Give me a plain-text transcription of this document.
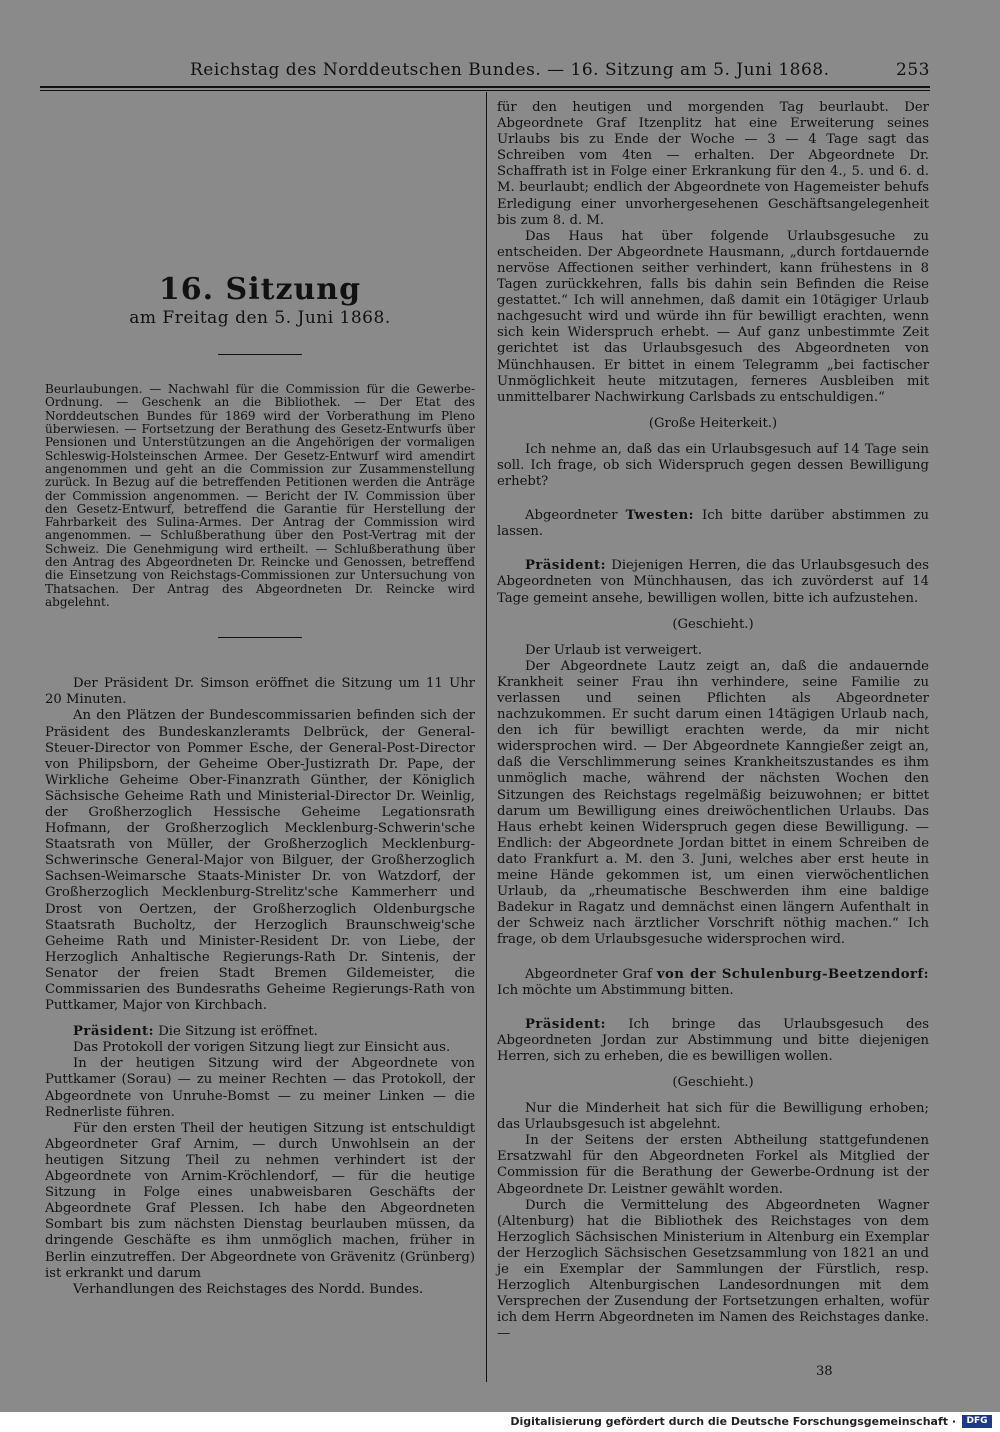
Reichstag des Norddeutschen Bundes. — 16. Sitzung am 5. Juni 1868.	253
16. Sitzung
am Freitag den 5. Juni 1868.

Beurlaubungen. — Nachwahl für die Commission für die Gewerbe-Ordnung. — Geschenk an die Bibliothek. — Der Etat des Norddeutschen Bundes für 1869 wird der Vorberathung im Pleno überwiesen. — Fortsetzung der Berathung des Gesetz-Entwurfs über Pensionen und Unterstützungen an die Angehörigen der vormaligen Schleswig-Holsteinschen Armee. Der Gesetz-Entwurf wird amendirt angenommen und geht an die Commission zur Zusammenstellung zurück. In Bezug auf die betreffenden Petitionen werden die Anträge der Commission angenommen. — Bericht der IV. Commission über den Gesetz-Entwurf, betreffend die Garantie für Herstellung der Fahrbarkeit des Sulina-Armes. Der Antrag der Commission wird angenommen. — Schlußberathung über den Post-Vertrag mit der Schweiz. Die Genehmigung wird ertheilt. — Schlußberathung über den Antrag des Abgeordneten Dr. Reincke und Genossen, betreffend die Einsetzung von Reichstags-Commissionen zur Untersuchung von Thatsachen. Der Antrag des Abgeordneten Dr. Reincke wird abgelehnt.

Der Präsident Dr. Simson eröffnet die Sitzung um 11 Uhr 20 Minuten.

An den Plätzen der Bundescommissarien befinden sich der Präsident des Bundeskanzleramts Delbrück, der General-Steuer-Director von Pommer Esche, der General-Post-Director von Philipsborn, der Geheime Ober-Justizrath Dr. Pape, der Wirkliche Geheime Ober-Finanzrath Günther, der Königlich Sächsische Geheime Rath und Ministerial-Director Dr. Weinlig, der Großherzoglich Hessische Geheime Legationsrath Hofmann, der Großherzoglich Mecklenburg-Schwerin'sche Staatsrath von Müller, der Großherzoglich Mecklenburg-Schwerinsche General-Major von Bilguer, der Großherzoglich Sachsen-Weimarsche Staats-Minister Dr. von Watzdorf, der Großherzoglich Mecklenburg-Strelitz'sche Kammerherr und Drost von Oertzen, der Großherzoglich Oldenburgsche Staatsrath Bucholtz, der Herzoglich Braunschweig'sche Geheime Rath und Minister-Resident Dr. von Liebe, der Herzoglich Anhaltische Regierungs-Rath Dr. Sintenis, der Senator der freien Stadt Bremen Gildemeister, die Commissarien des Bundesraths Geheime Regierungs-Rath von Puttkamer, Major von Kirchbach.

Präsident: Die Sitzung ist eröffnet.

Das Protokoll der vorigen Sitzung liegt zur Einsicht aus.

In der heutigen Sitzung wird der Abgeordnete von Puttkamer (Sorau) — zu meiner Rechten — das Protokoll, der Abgeordnete von Unruhe-Bomst — zu meiner Linken — die Rednerliste führen.

Für den ersten Theil der heutigen Sitzung ist entschuldigt Abgeordneter Graf Arnim, — durch Unwohlsein an der heutigen Sitzung Theil zu nehmen verhindert ist der Abgeordnete von Arnim-Kröchlendorf, — für die heutige Sitzung in Folge eines unabweisbaren Geschäfts der Abgeordnete Graf Plessen. Ich habe den Abgeordneten Sombart bis zum nächsten Dienstag beurlauben müssen, da dringende Geschäfte es ihm unmöglich machen, früher in Berlin einzutreffen. Der Abgeordnete von Grävenitz (Grünberg) ist erkrankt und darum

Verhandlungen des Reichstages des Nordd. Bundes.

für den heutigen und morgenden Tag beurlaubt. Der Abgeordnete Graf Itzenplitz hat eine Erweiterung seines Urlaubs bis zu Ende der Woche — 3 — 4 Tage sagt das Schreiben vom 4ten — erhalten. Der Abgeordnete Dr. Schaffrath ist in Folge einer Erkrankung für den 4., 5. und 6. d. M. beurlaubt; endlich der Abgeordnete von Hagemeister behufs Erledigung einer unvorhergesehenen Geschäftsangelegenheit bis zum 8. d. M.

Das Haus hat über folgende Urlaubsgesuche zu entscheiden. Der Abgeordnete Hausmann, „durch fortdauernde nervöse Affectionen seither verhindert, kann frühestens in 8 Tagen zurückkehren, falls bis dahin sein Befinden die Reise gestattet.“ Ich will annehmen, daß damit ein 10tägiger Urlaub nachgesucht wird und würde ihn für bewilligt erachten, wenn sich kein Widerspruch erhebt. — Auf ganz unbestimmte Zeit gerichtet ist das Urlaubsgesuch des Abgeordneten von Münchhausen. Er bittet in einem Telegramm „bei factischer Unmöglichkeit heute mitzutagen, ferneres Ausbleiben mit unmittelbarer Nachwirkung Carlsbads zu entschuldigen.“

(Große Heiterkeit.)

Ich nehme an, daß das ein Urlaubsgesuch auf 14 Tage sein soll. Ich frage, ob sich Widerspruch gegen dessen Bewilligung erhebt?

Abgeordneter Twesten: Ich bitte darüber abstimmen zu lassen.

Präsident: Diejenigen Herren, die das Urlaubsgesuch des Abgeordneten von Münchhausen, das ich zuvörderst auf 14 Tage gemeint ansehe, bewilligen wollen, bitte ich aufzustehen.

(Geschieht.)

Der Urlaub ist verweigert.

Der Abgeordnete Lautz zeigt an, daß die andauernde Krankheit seiner Frau ihn verhindere, seine Familie zu verlassen und seinen Pflichten als Abgeordneter nachzukommen. Er sucht darum einen 14tägigen Urlaub nach, den ich für bewilligt erachten werde, da mir nicht widersprochen wird. — Der Abgeordnete Kanngießer zeigt an, daß die Verschlimmerung seines Krankheitszustandes es ihm unmöglich mache, während der nächsten Wochen den Sitzungen des Reichstags regelmäßig beizuwohnen; er bittet darum um Bewilligung eines dreiwöchentlichen Urlaubs. Das Haus erhebt keinen Widerspruch gegen diese Bewilligung. — Endlich: der Abgeordnete Jordan bittet in einem Schreiben de dato Frankfurt a. M. den 3. Juni, welches aber erst heute in meine Hände gekommen ist, um einen vierwöchentlichen Urlaub, da „rheumatische Beschwerden ihm eine baldige Badekur in Ragatz und demnächst einen längern Aufenthalt in der Schweiz nach ärztlicher Vorschrift nöthig machen.“ Ich frage, ob dem Urlaubsgesuche widersprochen wird.

Abgeordneter Graf von der Schulenburg-Beetzendorf: Ich möchte um Abstimmung bitten.

Präsident: Ich bringe das Urlaubsgesuch des Abgeordneten Jordan zur Abstimmung und bitte diejenigen Herren, sich zu erheben, die es bewilligen wollen.

(Geschieht.)

Nur die Minderheit hat sich für die Bewilligung erhoben; das Urlaubsgesuch ist abgelehnt.

In der Seitens der ersten Abtheilung stattgefundenen Ersatzwahl für den Abgeordneten Forkel als Mitglied der Commission für die Berathung der Gewerbe-Ordnung ist der Abgeordnete Dr. Leistner gewählt worden.

Durch die Vermittelung des Abgeordneten Wagner (Altenburg) hat die Bibliothek des Reichstages von dem Herzoglich Sächsischen Ministerium in Altenburg ein Exemplar der Herzoglich Sächsischen Gesetzsammlung von 1821 an und je ein Exemplar der Sammlungen der Fürstlich, resp. Herzoglich Altenburgischen Landesordnungen mit dem Versprechen der Zusendung der Fortsetzungen erhalten, wofür ich dem Herrn Abgeordneten im Namen des Reichstages danke. —

38
Digitalisierung gefördert durch die Deutsche Forschungsgemeinschaft ·	DFG
